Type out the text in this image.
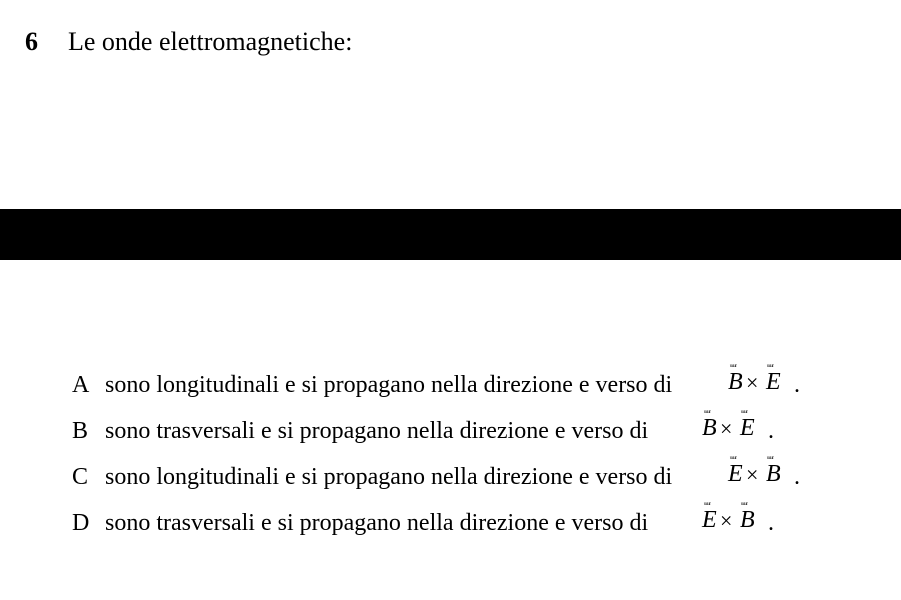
6 Le onde elettromagnetiche:
A sono longitudinali e si propagano nella direzione e verso di
ᵘᵘᵘʳ
B ×
ᵘᵘᵘʳ
E .
B sono trasversali e si propagano nella direzione e verso di
ᵘᵘᵘʳ
B ×
ᵘᵘᵘʳ
E .
C sono longitudinali e si propagano nella direzione e verso di
ᵘᵘᵘʳ
E ×
ᵘᵘᵘʳ
B .
D sono trasversali e si propagano nella direzione e verso di
ᵘᵘᵘʳ
E ×
ᵘᵘᵘʳ
B .
